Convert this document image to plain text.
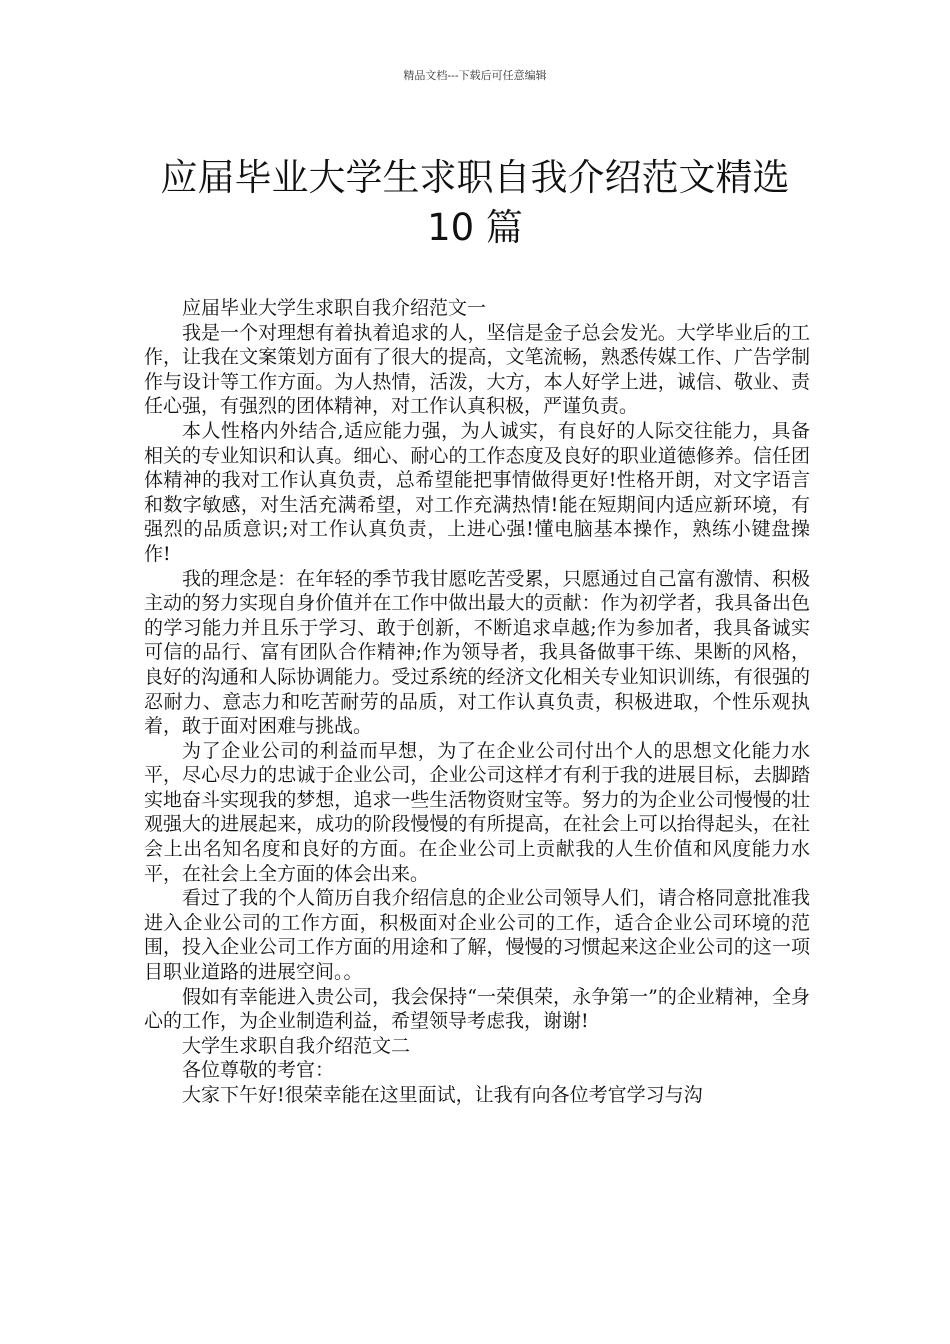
精品文档---下载后可任意编辑
应届毕业大学生求职自我介绍范文精选
10 篇

应届毕业大学生求职自我介绍范文一

我是一个对理想有着执着追求的人，坚信是金子总会发光。大学毕业后的工作，让我在文案策划方面有了很大的提高，文笔流畅，熟悉传媒工作、广告学制作与设计等工作方面。为人热情，活泼，大方，本人好学上进，诚信、敬业、责任心强，有强烈的团体精神，对工作认真积极，严谨负责。

本人性格内外结合,适应能力强，为人诚实，有良好的人际交往能力，具备相关的专业知识和认真。细心、耐心的工作态度及良好的职业道德修养。信任团体精神的我对工作认真负责，总希望能把事情做得更好!性格开朗，对文字语言和数字敏感，对生活充满希望，对工作充满热情!能在短期间内适应新环境，有强烈的品质意识;对工作认真负责，上进心强!懂电脑基本操作，熟练小键盘操作!

我的理念是：在年轻的季节我甘愿吃苦受累，只愿通过自己富有激情、积极主动的努力实现自身价值并在工作中做出最大的贡献：作为初学者，我具备出色的学习能力并且乐于学习、敢于创新，不断追求卓越;作为参加者，我具备诚实可信的品行、富有团队合作精神;作为领导者，我具备做事干练、果断的风格，良好的沟通和人际协调能力。受过系统的经济文化相关专业知识训练，有很强的忍耐力、意志力和吃苦耐劳的品质，对工作认真负责，积极进取，个性乐观执着，敢于面对困难与挑战。

为了企业公司的利益而早想，为了在企业公司付出个人的思想文化能力水平，尽心尽力的忠诚于企业公司，企业公司这样才有利于我的进展目标，去脚踏实地奋斗实现我的梦想，追求一些生活物资财宝等。努力的为企业公司慢慢的壮观强大的进展起来，成功的阶段慢慢的有所提高，在社会上可以抬得起头，在社会上出名知名度和良好的方面。在企业公司上贡献我的人生价值和风度能力水平，在社会上全方面的体会出来。

看过了我的个人简历自我介绍信息的企业公司领导人们，请合格同意批准我进入企业公司的工作方面，积极面对企业公司的工作，适合企业公司环境的范围，投入企业公司工作方面的用途和了解，慢慢的习惯起来这企业公司的这一项目职业道路的进展空间。。

假如有幸能进入贵公司，我会保持“一荣俱荣，永争第一”的企业精神，全身心的工作，为企业制造利益，希望领导考虑我，谢谢!

大学生求职自我介绍范文二

各位尊敬的考官：

大家下午好!很荣幸能在这里面试，让我有向各位考官学习与沟
